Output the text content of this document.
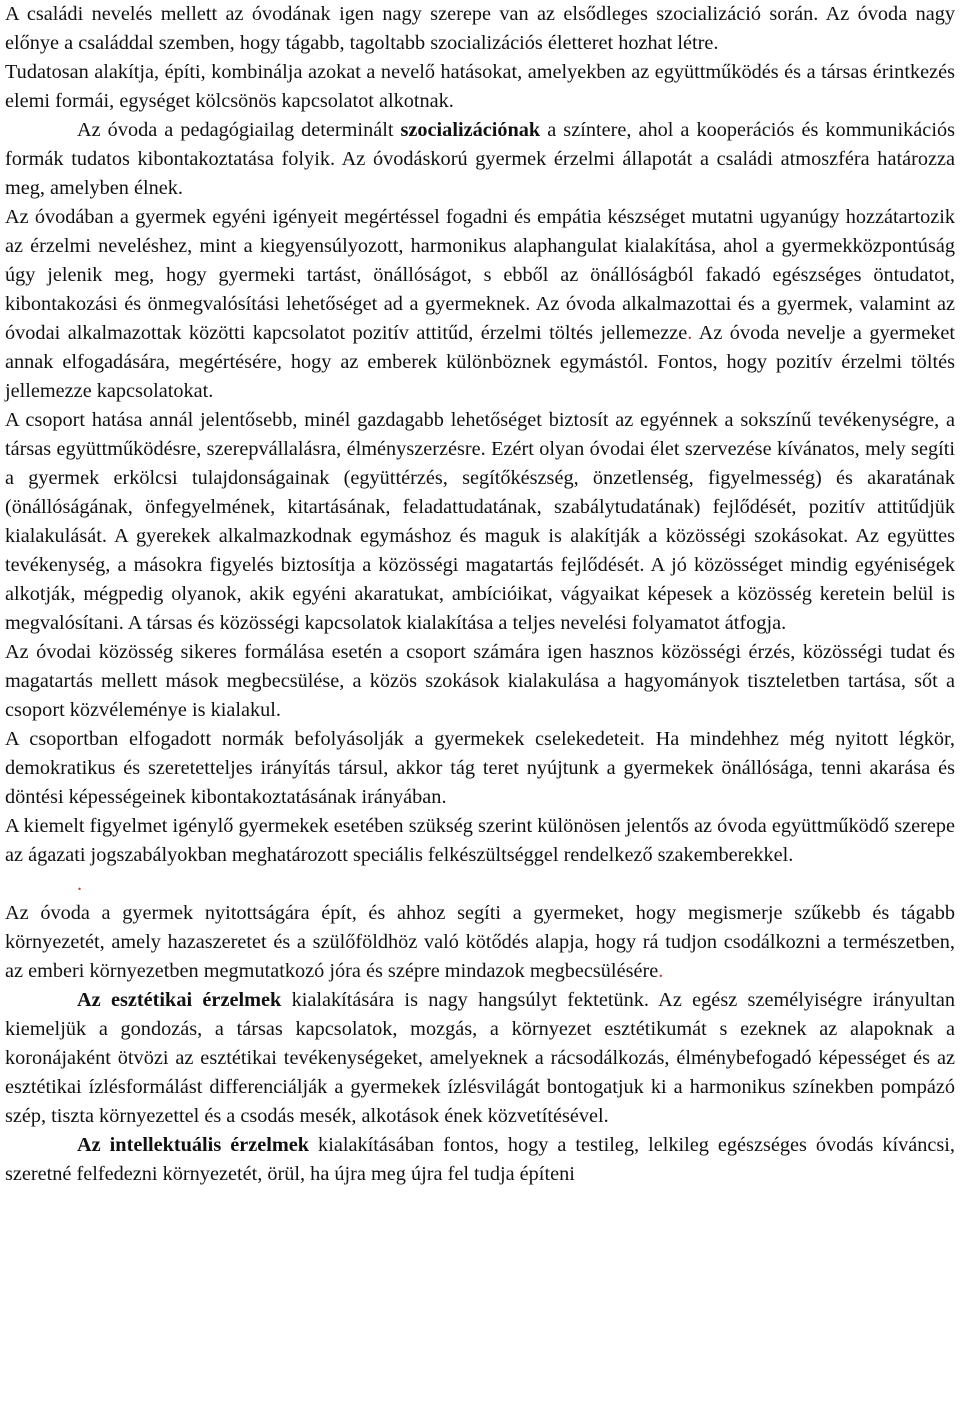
A családi nevelés mellett az óvodának igen nagy szerepe van az elsődleges szocializáció során. Az óvoda nagy előnye a családdal szemben, hogy tágabb, tagoltabb szocializációs életteret hozhat létre.

Tudatosan alakítja, építi, kombinálja azokat a nevelő hatásokat, amelyekben az együttműködés és a társas érintkezés elemi formái, egységet kölcsönös kapcsolatot alkotnak.

Az óvoda a pedagógiailag determinált szocializációnak a színtere, ahol a kooperációs és kommunikációs formák tudatos kibontakoztatása folyik. Az óvodáskorú gyermek érzelmi állapotát a családi atmoszféra határozza meg, amelyben élnek.

Az óvodában a gyermek egyéni igényeit megértéssel fogadni és empátia készséget mutatni ugyanúgy hozzátartozik az érzelmi neveléshez, mint a kiegyensúlyozott, harmonikus alaphangulat kialakítása, ahol a gyermekközpontúság úgy jelenik meg, hogy gyermeki tartást, önállóságot, s ebből az önállóságból fakadó egészséges öntudatot, kibontakozási és önmegvalósítási lehetőséget ad a gyermeknek. Az óvoda alkalmazottai és a gyermek, valamint az óvodai alkalmazottak közötti kapcsolatot pozitív attitűd, érzelmi töltés jellemezze. Az óvoda nevelje a gyermeket annak elfogadására, megértésére, hogy az emberek különböznek egymástól. Fontos, hogy pozitív érzelmi töltés jellemezze kapcsolatokat.

A csoport hatása annál jelentősebb, minél gazdagabb lehetőséget biztosít az egyénnek a sokszínű tevékenységre, a társas együttműködésre, szerepvállalásra, élményszerzésre. Ezért olyan óvodai élet szervezése kívánatos, mely segíti a gyermek erkölcsi tulajdonságainak (együttérzés, segítőkészség, önzetlenség, figyelmesség) és akaratának (önállóságának, önfegyelmének, kitartásának, feladattudatának, szabálytudatának) fejlődését, pozitív attitűdjük kialakulását. A gyerekek alkalmazkodnak egymáshoz és maguk is alakítják a közösségi szokásokat. Az együttes tevékenység, a másokra figyelés biztosítja a közösségi magatartás fejlődését. A jó közösséget mindig egyéniségek alkotják, mégpedig olyanok, akik egyéni akaratukat, ambícióikat, vágyaikat képesek a közösség keretein belül is megvalósítani. A társas és közösségi kapcsolatok kialakítása a teljes nevelési folyamatot átfogja.

Az óvodai közösség sikeres formálása esetén a csoport számára igen hasznos közösségi érzés, közösségi tudat és magatartás mellett mások megbecsülése, a közös szokások kialakulása a hagyományok tiszteletben tartása, sőt a csoport közvéleménye is kialakul.

A csoportban elfogadott normák befolyásolják a gyermekek cselekedeteit. Ha mindehhez még nyitott légkör, demokratikus és szeretetteljes irányítás társul, akkor tág teret nyújtunk a gyermekek önállósága, tenni akarása és döntési képességeinek kibontakoztatásának irányában.

A kiemelt figyelmet igénylő gyermekek esetében szükség szerint különösen jelentős az óvoda együttműködő szerepe az ágazati jogszabályokban meghatározott speciális felkészültséggel rendelkező szakemberekkel.

.

Az óvoda a gyermek nyitottságára épít, és ahhoz segíti a gyermeket, hogy megismerje szűkebb és tágabb környezetét, amely hazaszeretet és a szülőföldhöz való kötődés alapja, hogy rá tudjon csodálkozni a természetben, az emberi környezetben megmutatkozó jóra és szépre mindazok megbecsülésére.

Az esztétikai érzelmek kialakítására is nagy hangsúlyt fektetünk. Az egész személyiségre irányultan kiemeljük a gondozás, a társas kapcsolatok, mozgás, a környezet esztétikumát s ezeknek az alapoknak a koronájaként ötvözi az esztétikai tevékenységeket, amelyeknek a rácsodálkozás, élménybefogadó képességet és az esztétikai ízlésformálást differenciálják a gyermekek ízlésvilágát bontogatjuk ki a harmonikus színekben pompázó szép, tiszta környezettel és a csodás mesék, alkotások ének közvetítésével.

Az intellektuális érzelmek kialakításában fontos, hogy a testileg, lelkileg egészséges óvodás kíváncsi, szeretné felfedezni környezetét, örül, ha újra meg újra fel tudja építeni
